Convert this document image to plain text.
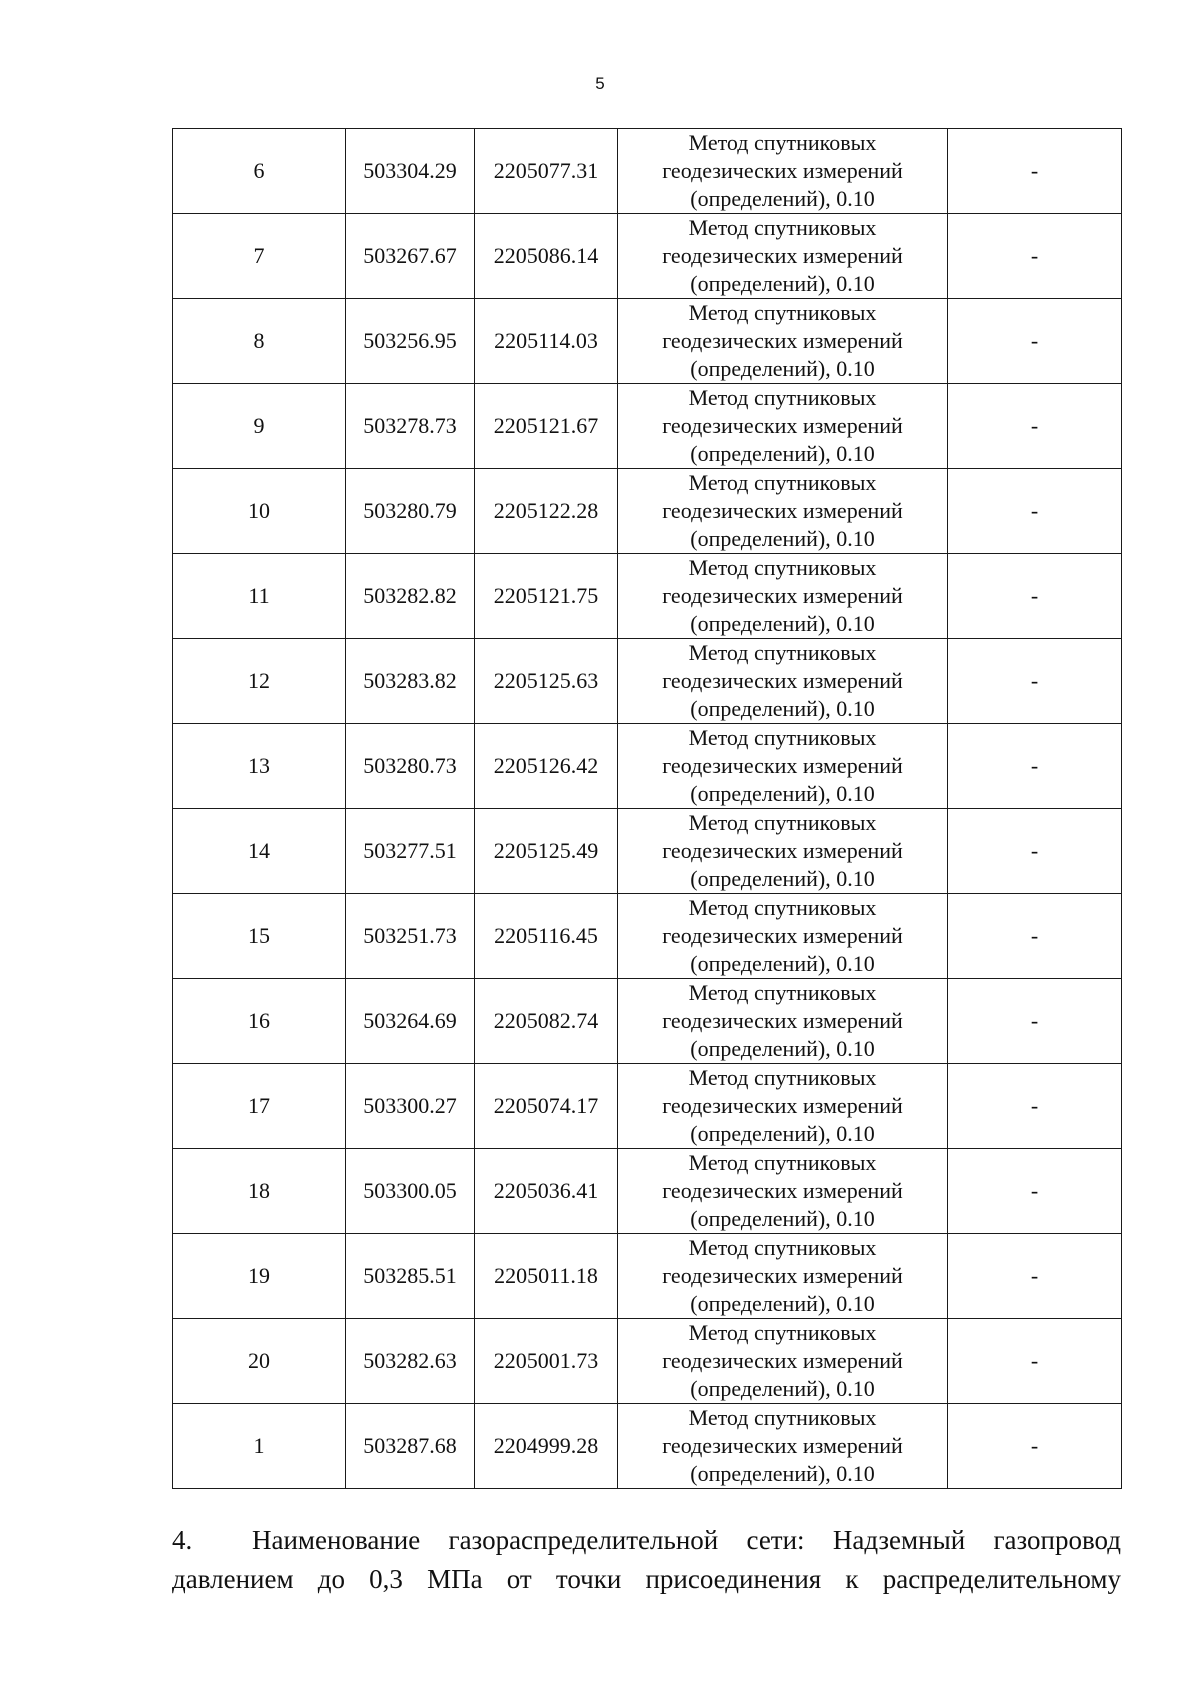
5
6	503304.29	2205077.31	Метод спутниковых
геодезических измерений
(определений), 0.10	-
7	503267.67	2205086.14	Метод спутниковых
геодезических измерений
(определений), 0.10	-
8	503256.95	2205114.03	Метод спутниковых
геодезических измерений
(определений), 0.10	-
9	503278.73	2205121.67	Метод спутниковых
геодезических измерений
(определений), 0.10	-
10	503280.79	2205122.28	Метод спутниковых
геодезических измерений
(определений), 0.10	-
11	503282.82	2205121.75	Метод спутниковых
геодезических измерений
(определений), 0.10	-
12	503283.82	2205125.63	Метод спутниковых
геодезических измерений
(определений), 0.10	-
13	503280.73	2205126.42	Метод спутниковых
геодезических измерений
(определений), 0.10	-
14	503277.51	2205125.49	Метод спутниковых
геодезических измерений
(определений), 0.10	-
15	503251.73	2205116.45	Метод спутниковых
геодезических измерений
(определений), 0.10	-
16	503264.69	2205082.74	Метод спутниковых
геодезических измерений
(определений), 0.10	-
17	503300.27	2205074.17	Метод спутниковых
геодезических измерений
(определений), 0.10	-
18	503300.05	2205036.41	Метод спутниковых
геодезических измерений
(определений), 0.10	-
19	503285.51	2205011.18	Метод спутниковых
геодезических измерений
(определений), 0.10	-
20	503282.63	2205001.73	Метод спутниковых
геодезических измерений
(определений), 0.10	-
1	503287.68	2204999.28	Метод спутниковых
геодезических измерений
(определений), 0.10	-
4. Наименование газораспределительной сети: Надземный газопровод
давлением до 0,3 МПа от точки присоединения к распределительному
